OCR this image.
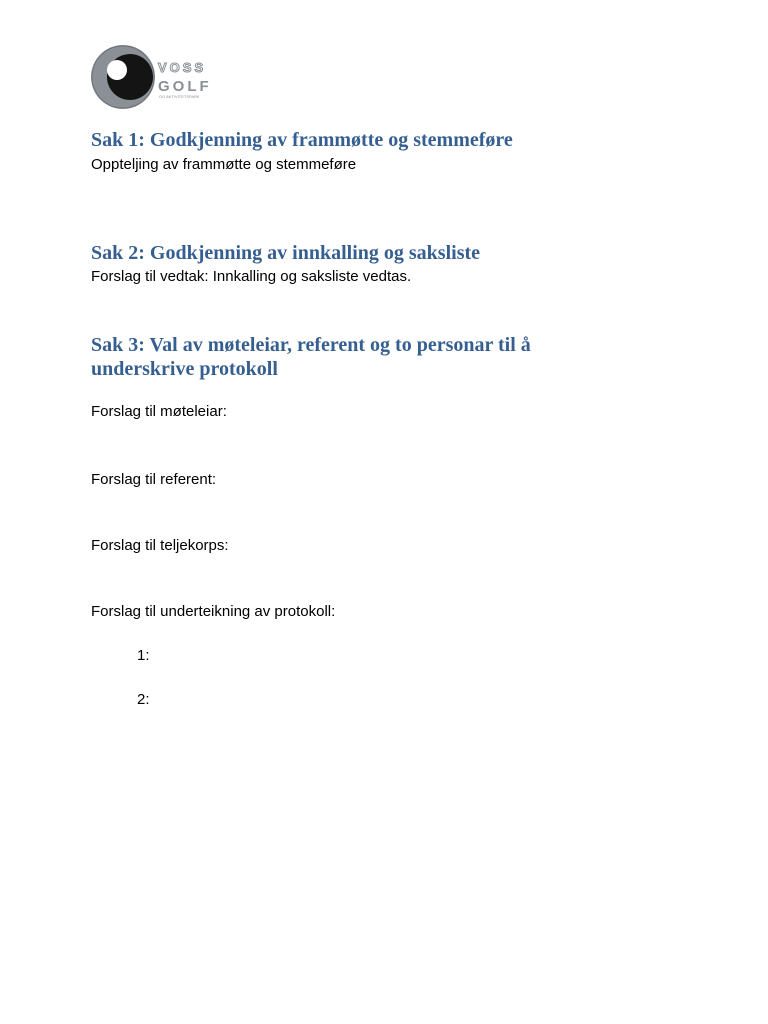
VOSS
GOLF
OG AKTIVITETSPARK
Sak 1: Godkjenning av frammøtte og stemmeføre
Oppteljing av frammøtte og stemmeføre
Sak 2: Godkjenning av innkalling og saksliste
Forslag til vedtak: Innkalling og saksliste vedtas.
Sak 3: Val av møteleiar, referent og to personar til å
underskrive protokoll
Forslag til møteleiar:
Forslag til referent:
Forslag til teljekorps:
Forslag til underteikning av protokoll:
1:
2:
